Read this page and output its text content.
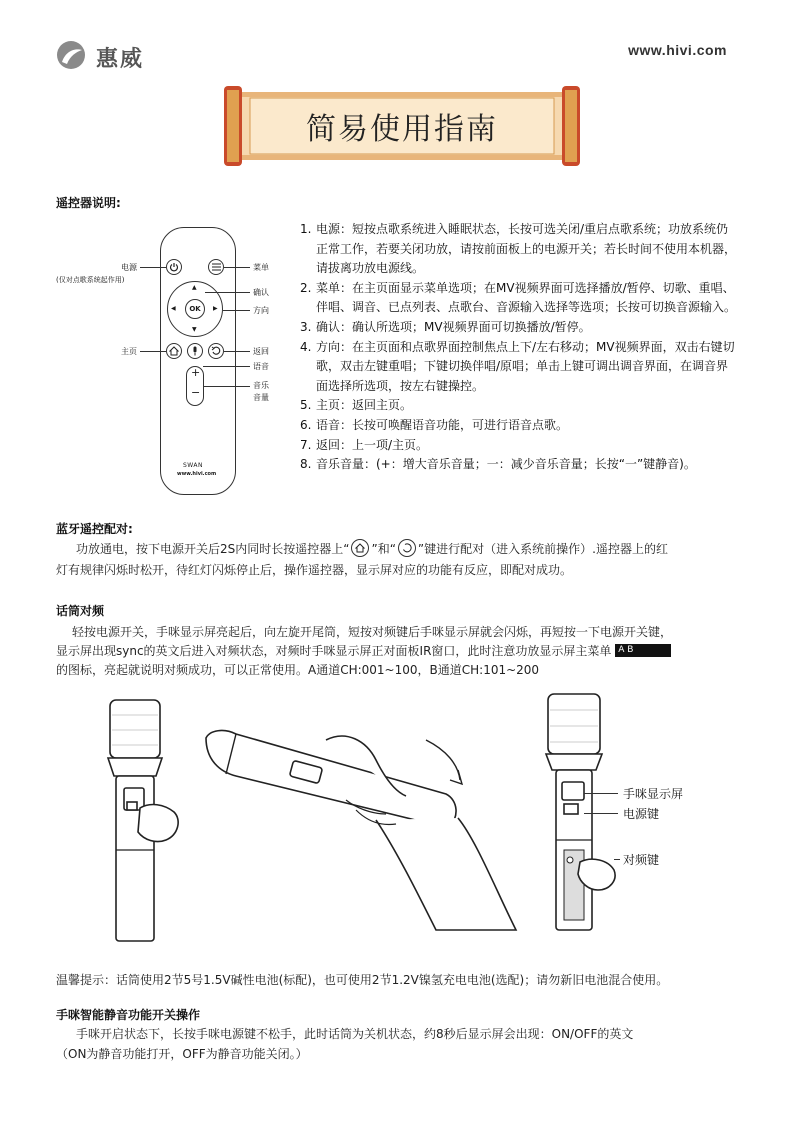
惠威	www.hivi.com
简易使用指南
遥控器说明:
OK
▲
▼
◀	▶
+
−
SWAN
www.hivi.com
电源
(仅对点歌系统起作用)
菜单
确认
方向
主页	返回
语音
音乐
音量
1. 电源：短按点歌系统进入睡眠状态，长按可选关闭/重启点歌系统；功放系统仍正常工作，若要关闭功放，请按前面板上的电源开关；若长时间不使用本机器，请拔离功放电源线。
2. 菜单：在主页面显示菜单选项；在MV视频界面可选择播放/暂停、切歌、重唱、伴唱、调音、已点列表、点歌台、音源输入选择等选项；长按可切换音源输入。
3. 确认：确认所选项；MV视频界面可切换播放/暂停。
4. 方向：在主页面和点歌界面控制焦点上下/左右移动；MV视频界面，双击右键切歌，双击左键重唱；下键切换伴唱/原唱；单击上键可调出调音界面，在调音界面选择所选项，按左右键操控。
5. 主页：返回主页。
6. 语音：长按可唤醒语音功能，可进行语音点歌。
7. 返回：上一项/主页。
8. 音乐音量：(+：增大音乐音量；一：减少音乐音量；长按“一”键静音)。
蓝牙遥控配对:
功放通电，按下电源开关后2S内同时长按遥控器上“ ”和“ ”键进行配对（进入系统前操作）.遥控器上的红
灯有规律闪烁时松开，待红灯闪烁停止后，操作遥控器，显示屏对应的功能有反应，即配对成功。
话筒对频
轻按电源开关，手咪显示屏亮起后，向左旋开尾筒，短按对频键后手咪显示屏就会闪烁，再短按一下电源开关键，
显示屏出现sync的英文后进入对频状态，对频时手咪显示屏正对面板IR窗口，此时注意功放显示屏主菜单 A B
的图标，亮起就说明对频成功，可以正常使用。A通道CH:001~100，B通道CH:101~200
手咪显示屏
电源键
对频键
温馨提示：话筒使用2节5号1.5V碱性电池(标配)，也可使用2节1.2V镍氢充电电池(选配)；请勿新旧电池混合使用。
手咪智能静音功能开关操作
手咪开启状态下，长按手咪电源键不松手，此时话筒为关机状态，约8秒后显示屏会出现：ON/OFF的英文
（ON为静音功能打开，OFF为静音功能关闭。）
